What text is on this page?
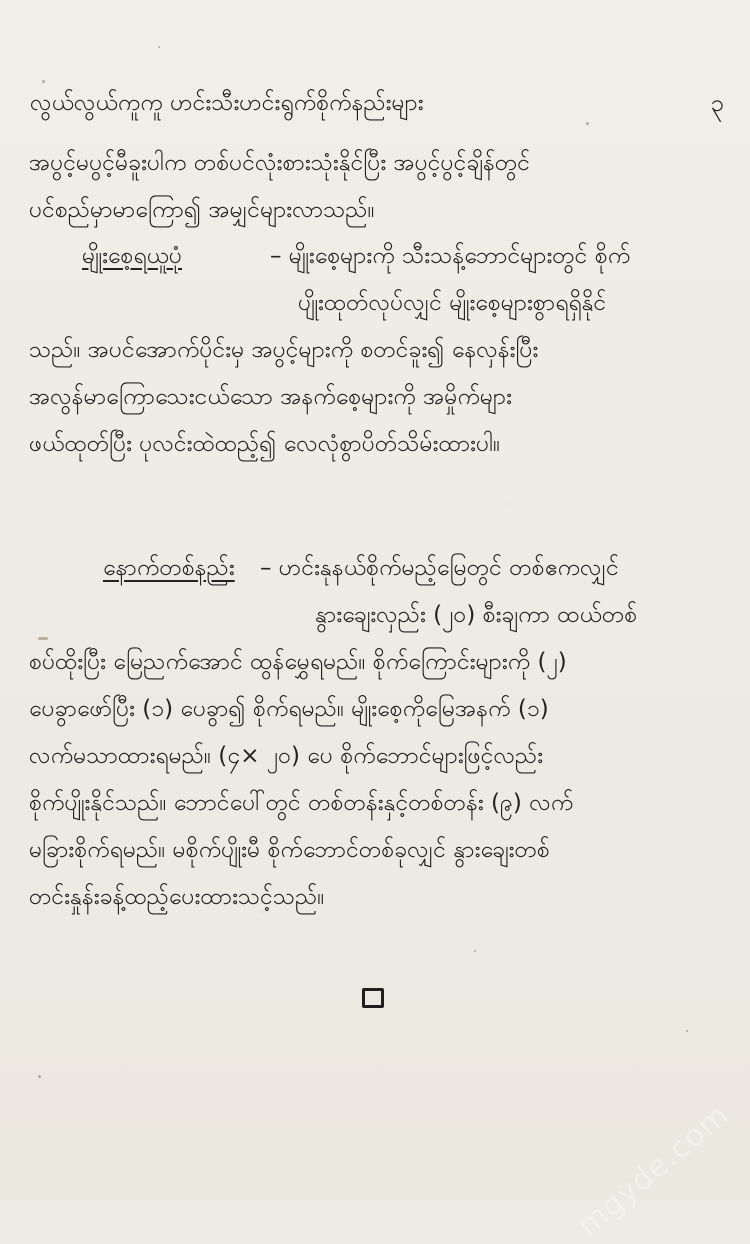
လွယ်လွယ်ကူကူ ဟင်းသီးဟင်းရွက်စိုက်နည်းများ	၃
အပွင့်မပွင့်မီခူးပါက တစ်ပင်လုံးစားသုံးနိုင်ပြီး အပွင့်ပွင့်ချိန်တွင်
ပင်စည်မှာမာကြော၍ အမျှင်များလာသည်။
မျိုးစေ့ရယူပုံ	– မျိုးစေ့များကို သီးသန့်ဘောင်များတွင် စိုက်
ပျိုးထုတ်လုပ်လျှင် မျိုးစေ့များစွာရရှိနိုင်
သည်။ အပင်အောက်ပိုင်းမှ အပွင့်များကို စတင်ခူး၍ နေလှန်းပြီး
အလွန်မာကြောသေးငယ်သော အနက်စေ့များကို အမှိုက်များ
ဖယ်ထုတ်ပြီး ပုလင်းထဲထည့်၍ လေလုံစွာပိတ်သိမ်းထားပါ။
နောက်တစ်နည်း – ဟင်းနုနယ်စိုက်မည့်မြေတွင် တစ်ဧကလျှင်
နွားချေးလှည်း (၂၀) စီးချကာ ထယ်တစ်
စပ်ထိုးပြီး မြေညက်အောင် ထွန်မွှေရမည်။ စိုက်ကြောင်းများကို (၂)
ပေခွာဖော်ပြီး (၁) ပေခွာ၍ စိုက်ရမည်။ မျိုးစေ့ကိုမြေအနက် (၁)
လက်မသာထားရမည်။ (၄× ၂၀) ပေ စိုက်ဘောင်များဖြင့်လည်း
စိုက်ပျိုးနိုင်သည်။ ဘောင်ပေါ်တွင် တစ်တန်းနှင့်တစ်တန်း (၉) လက်
မခြားစိုက်ရမည်။ မစိုက်ပျိုးမီ စိုက်ဘောင်တစ်ခုလျှင် နွားချေးတစ်
တင်းနှုန်းခန့်ထည့်ပေးထားသင့်သည်။
mgyde.com
